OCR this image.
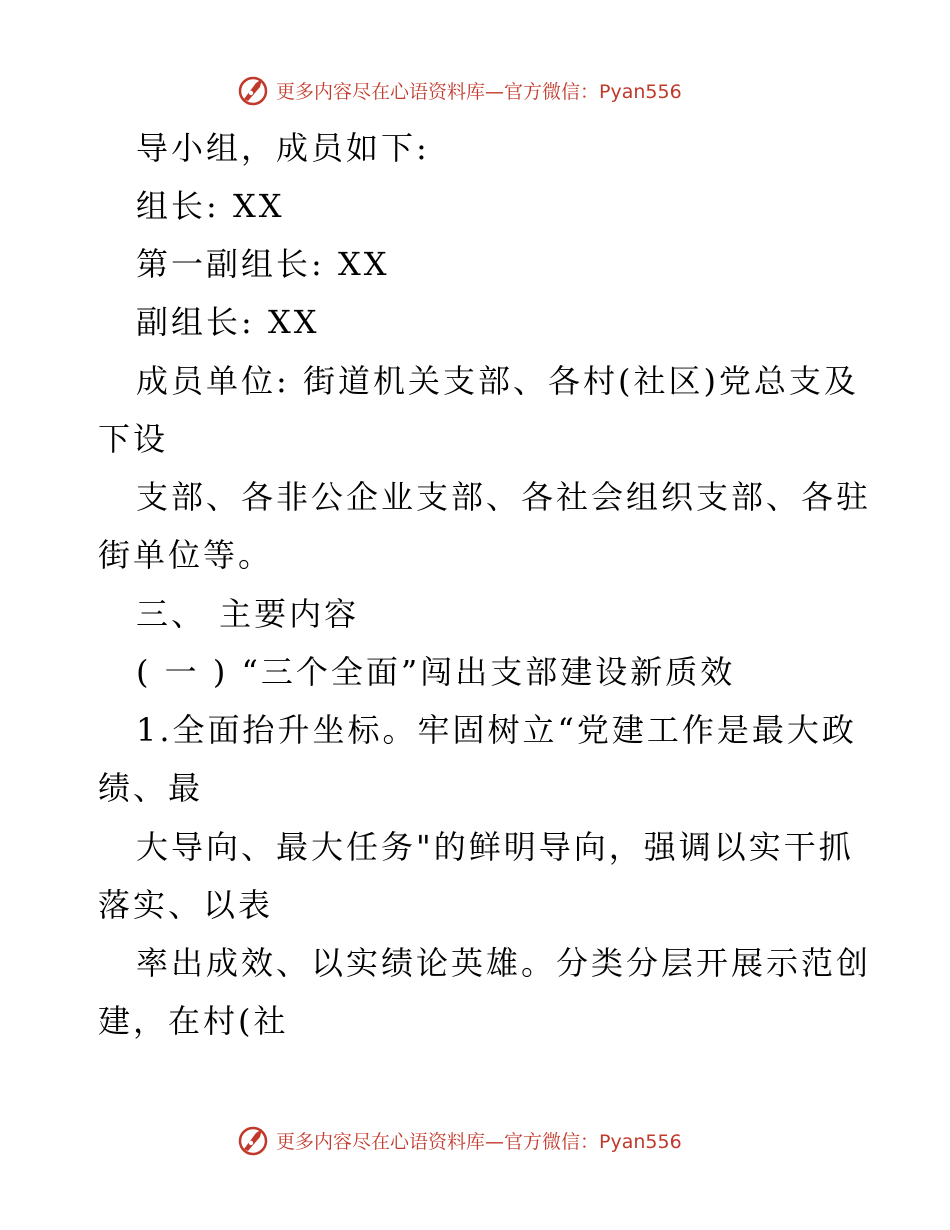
更多内容尽在心语资料库—官方微信：Pyan556
导小组，成员如下:
组长: XX
第一副组长: XX
副组长: XX
成员单位: 街道机关支部、各村(社区)党总支及
下设
支部、各非公企业支部、各社会组织支部、各驻
街单位等。
三、 主要内容
( 一 ) “三个全面”闯出支部建设新质效
1.全面抬升坐标。牢固树立“党建工作是最大政
绩、最
大导向、最大任务"的鲜明导向，强调以实干抓
落实、以表
率出成效、以实绩论英雄。分类分层开展示范创
建，在村(社
更多内容尽在心语资料库—官方微信：Pyan556
